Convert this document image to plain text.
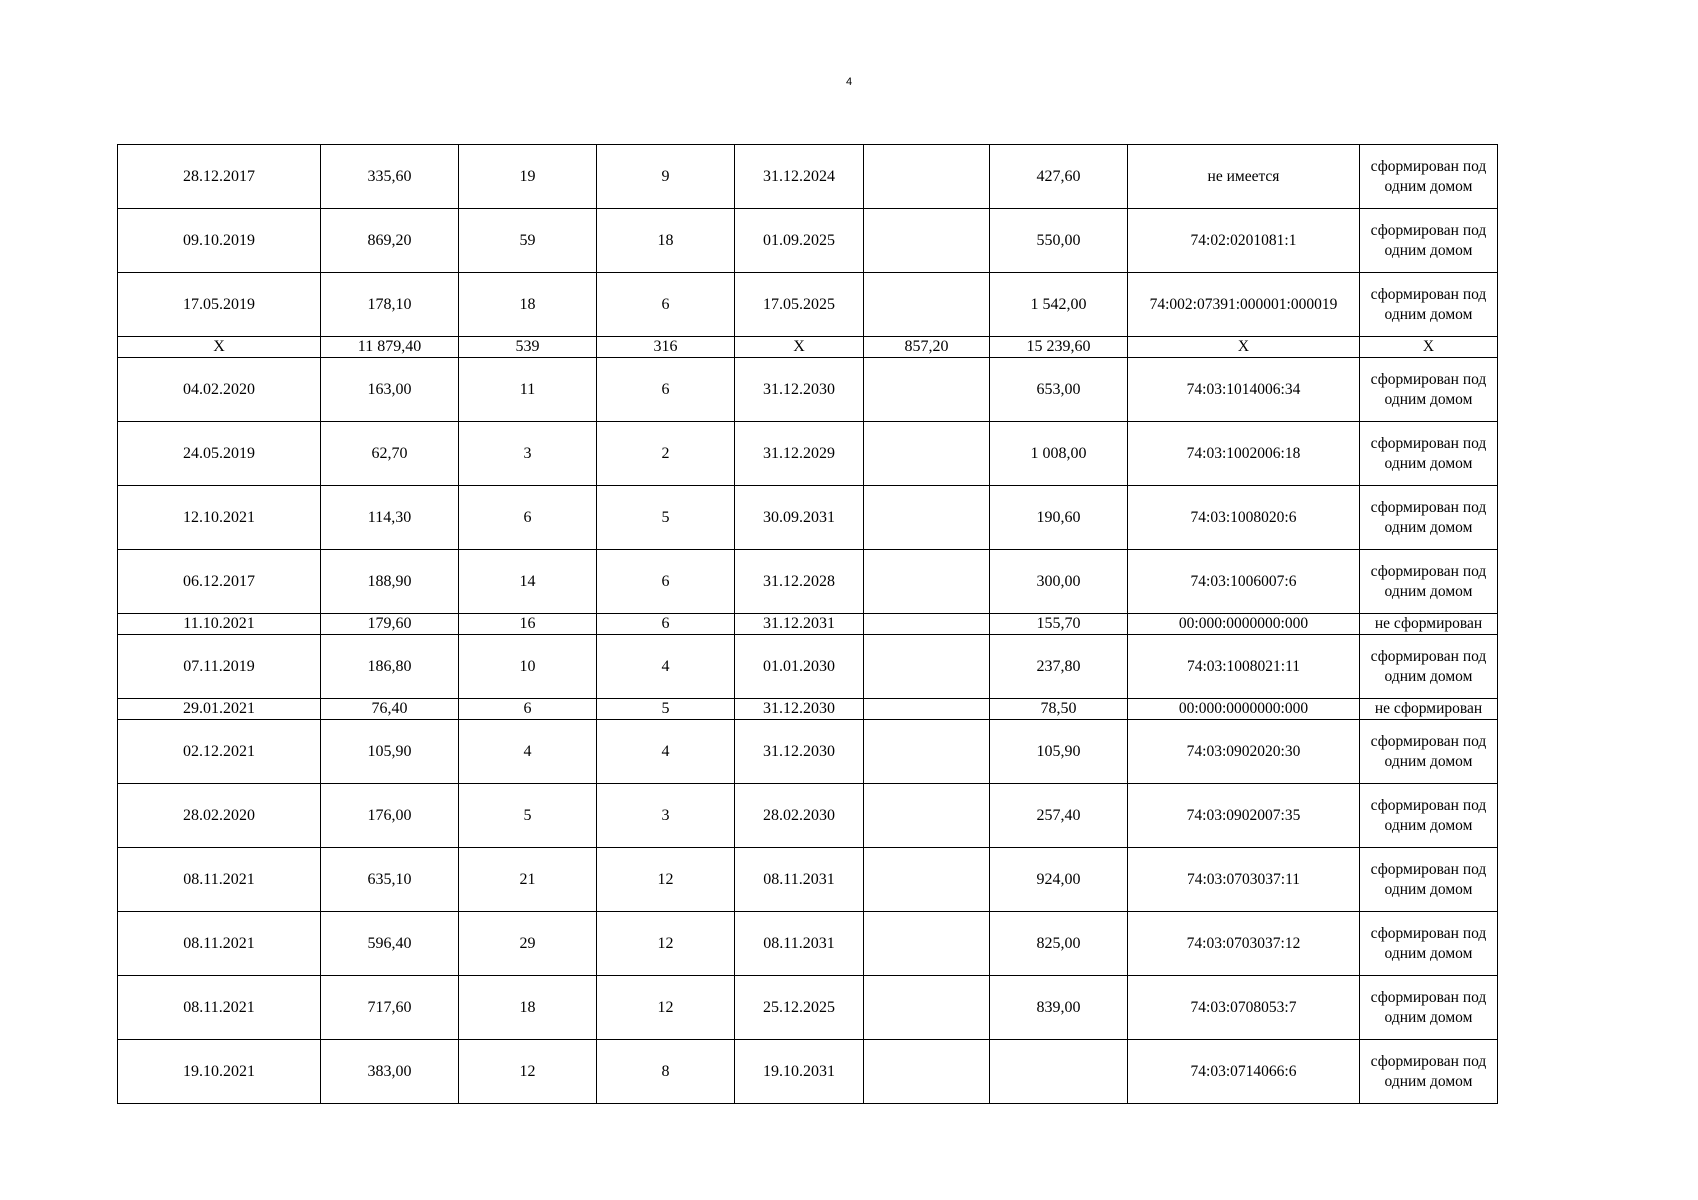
4
28.12.2017	335,60	19	9	31.12.2024		427,60	не имеется	сформирован под одним домом
09.10.2019	869,20	59	18	01.09.2025		550,00	74:02:0201081:1	сформирован под одним домом
17.05.2019	178,10	18	6	17.05.2025		1 542,00	74:002:07391:000001:000019	сформирован под одним домом
X	11 879,40	539	316	X	857,20	15 239,60	X	X
04.02.2020	163,00	11	6	31.12.2030		653,00	74:03:1014006:34	сформирован под одним домом
24.05.2019	62,70	3	2	31.12.2029		1 008,00	74:03:1002006:18	сформирован под одним домом
12.10.2021	114,30	6	5	30.09.2031		190,60	74:03:1008020:6	сформирован под одним домом
06.12.2017	188,90	14	6	31.12.2028		300,00	74:03:1006007:6	сформирован под одним домом
11.10.2021	179,60	16	6	31.12.2031		155,70	00:000:0000000:000	не сформирован
07.11.2019	186,80	10	4	01.01.2030		237,80	74:03:1008021:11	сформирован под одним домом
29.01.2021	76,40	6	5	31.12.2030		78,50	00:000:0000000:000	не сформирован
02.12.2021	105,90	4	4	31.12.2030		105,90	74:03:0902020:30	сформирован под одним домом
28.02.2020	176,00	5	3	28.02.2030		257,40	74:03:0902007:35	сформирован под одним домом
08.11.2021	635,10	21	12	08.11.2031		924,00	74:03:0703037:11	сформирован под одним домом
08.11.2021	596,40	29	12	08.11.2031		825,00	74:03:0703037:12	сформирован под одним домом
08.11.2021	717,60	18	12	25.12.2025		839,00	74:03:0708053:7	сформирован под одним домом
19.10.2021	383,00	12	8	19.10.2031			74:03:0714066:6	сформирован под одним домом
